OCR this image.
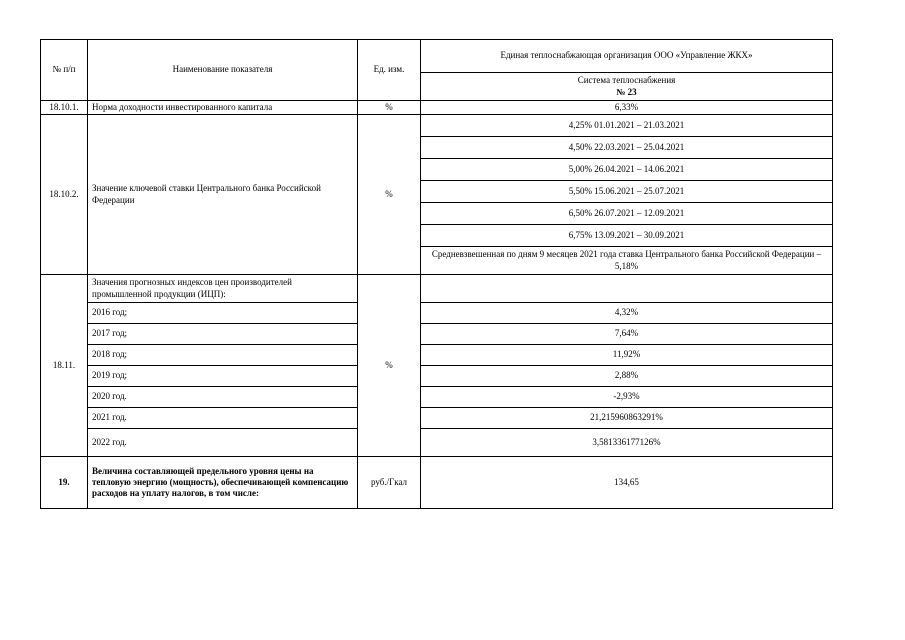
№ п/п	Наименование показателя	Ед. изм.	Единая теплоснабжающая организация ООО «Управление ЖКХ»

			Система теплоснабжения
№ 23

18.10.1.	Норма доходности инвестированного капитала	%	6,33%
18.10.2.	Значение ключевой ставки Центрального банка Российской Федерации	%	4,25% 01.01.2021 – 21.03.2021
			4,50% 22.03.2021 – 25.04.2021
			5,00% 26.04.2021 – 14.06.2021
			5,50% 15.06.2021 – 25.07.2021
			6,50% 26.07.2021 – 12.09.2021
			6,75% 13.09.2021 – 30.09.2021
			Средневзвешенная по дням 9 месяцев 2021 года ставка Центрального банка Российской Федерации – 5,18%
18.11.	Значения прогнозных индексов цен производителей промышленной продукции (ИЦП):	%	
	2016 год;		4,32%
	2017 год;		7,64%
	2018 год;		11,92%
	2019 год;		2,88%
	2020 год.		-2,93%
	2021 год.		21,215960863291%
	2022 год.		3,581336177126%
19.	Величина составляющей предельного уровня цены на тепловую энергию (мощность), обеспечивающей компенсацию расходов на уплату налогов, в том числе:	руб./Гкал	134,65
